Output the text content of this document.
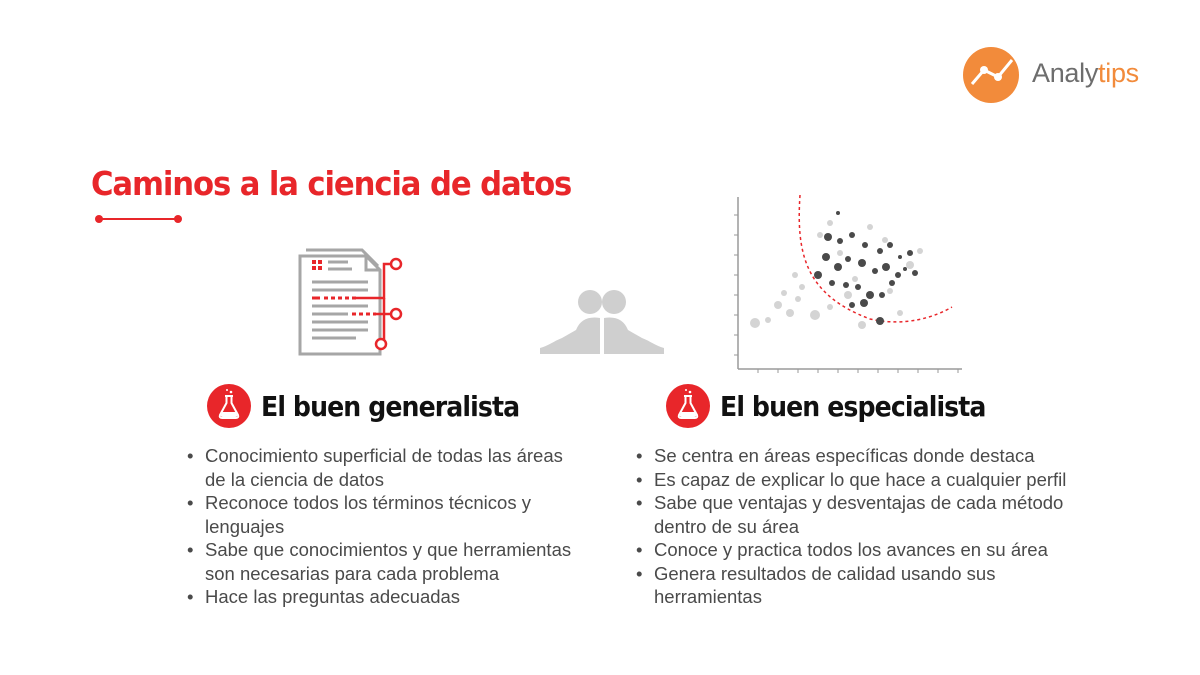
Analytips
Caminos a la ciencia de datos
El buen generalista
• Conocimiento superficial de todas las áreas de la ciencia de datos
• Reconoce todos los términos técnicos y lenguajes
• Sabe que conocimientos y que herramientas son necesarias para cada problema
• Hace las preguntas adecuadas
El buen especialista
• Se centra en áreas específicas donde destaca
• Es capaz de explicar lo que hace a cualquier perfil
• Sabe que ventajas y desventajas de cada método dentro de su área
• Conoce y practica todos los avances en su área
• Genera resultados de calidad usando sus herramientas
